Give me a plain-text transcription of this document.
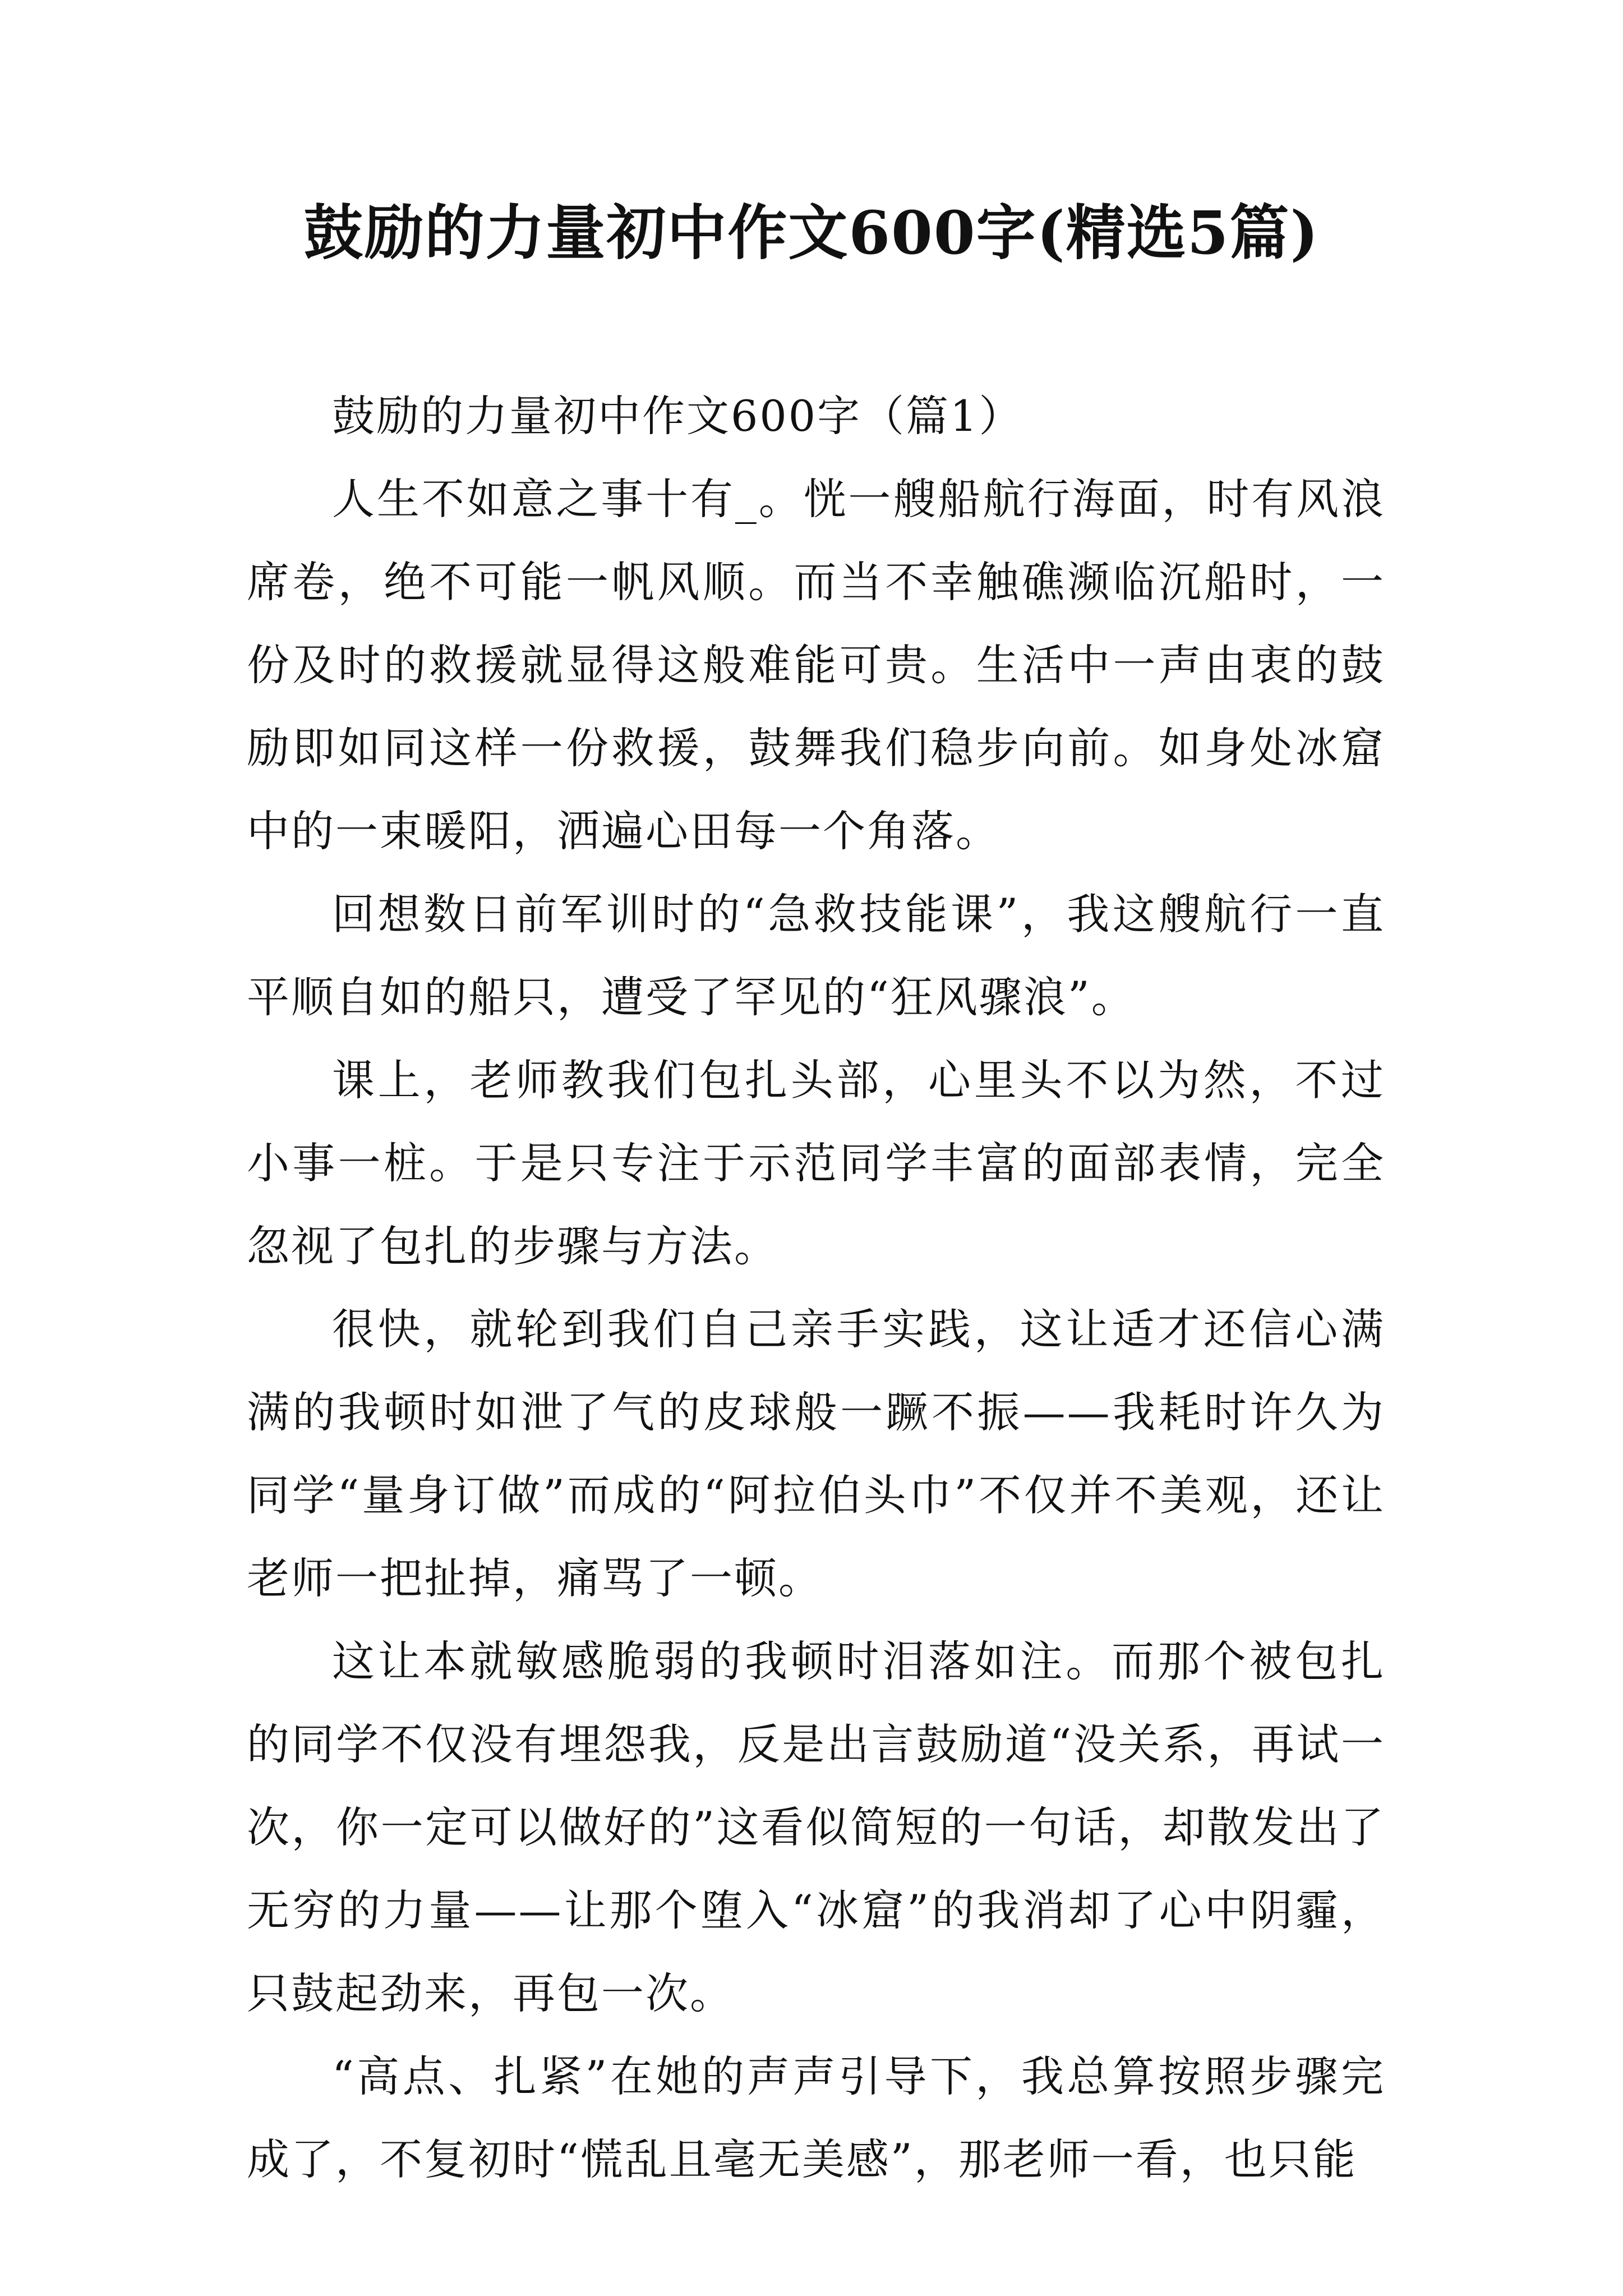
鼓励的力量初中作文600字(精选5篇)

鼓励的力量初中作文600字（篇1）

人生不如意之事十有_。恍一艘船航行海面，时有风浪席卷，绝不可能一帆风顺。而当不幸触礁濒临沉船时，一份及时的救援就显得这般难能可贵。生活中一声由衷的鼓励即如同这样一份救援，鼓舞我们稳步向前。如身处冰窟中的一束暖阳，洒遍心田每一个角落。

回想数日前军训时的“急救技能课”，我这艘航行一直平顺自如的船只，遭受了罕见的“狂风骤浪”。

课上，老师教我们包扎头部，心里头不以为然，不过小事一桩。于是只专注于示范同学丰富的面部表情，完全忽视了包扎的步骤与方法。

很快，就轮到我们自己亲手实践，这让适才还信心满满的我顿时如泄了气的皮球般一蹶不振——我耗时许久为同学“量身订做”而成的“阿拉伯头巾”不仅并不美观，还让老师一把扯掉，痛骂了一顿。

这让本就敏感脆弱的我顿时泪落如注。而那个被包扎的同学不仅没有埋怨我，反是出言鼓励道“没关系，再试一次，你一定可以做好的”这看似简短的一句话，却散发出了无穷的力量——让那个堕入“冰窟”的我消却了心中阴霾，只鼓起劲来，再包一次。

“高点、扎紧”在她的声声引导下，我总算按照步骤完成了，不复初时“慌乱且毫无美感”，那老师一看，也只能
